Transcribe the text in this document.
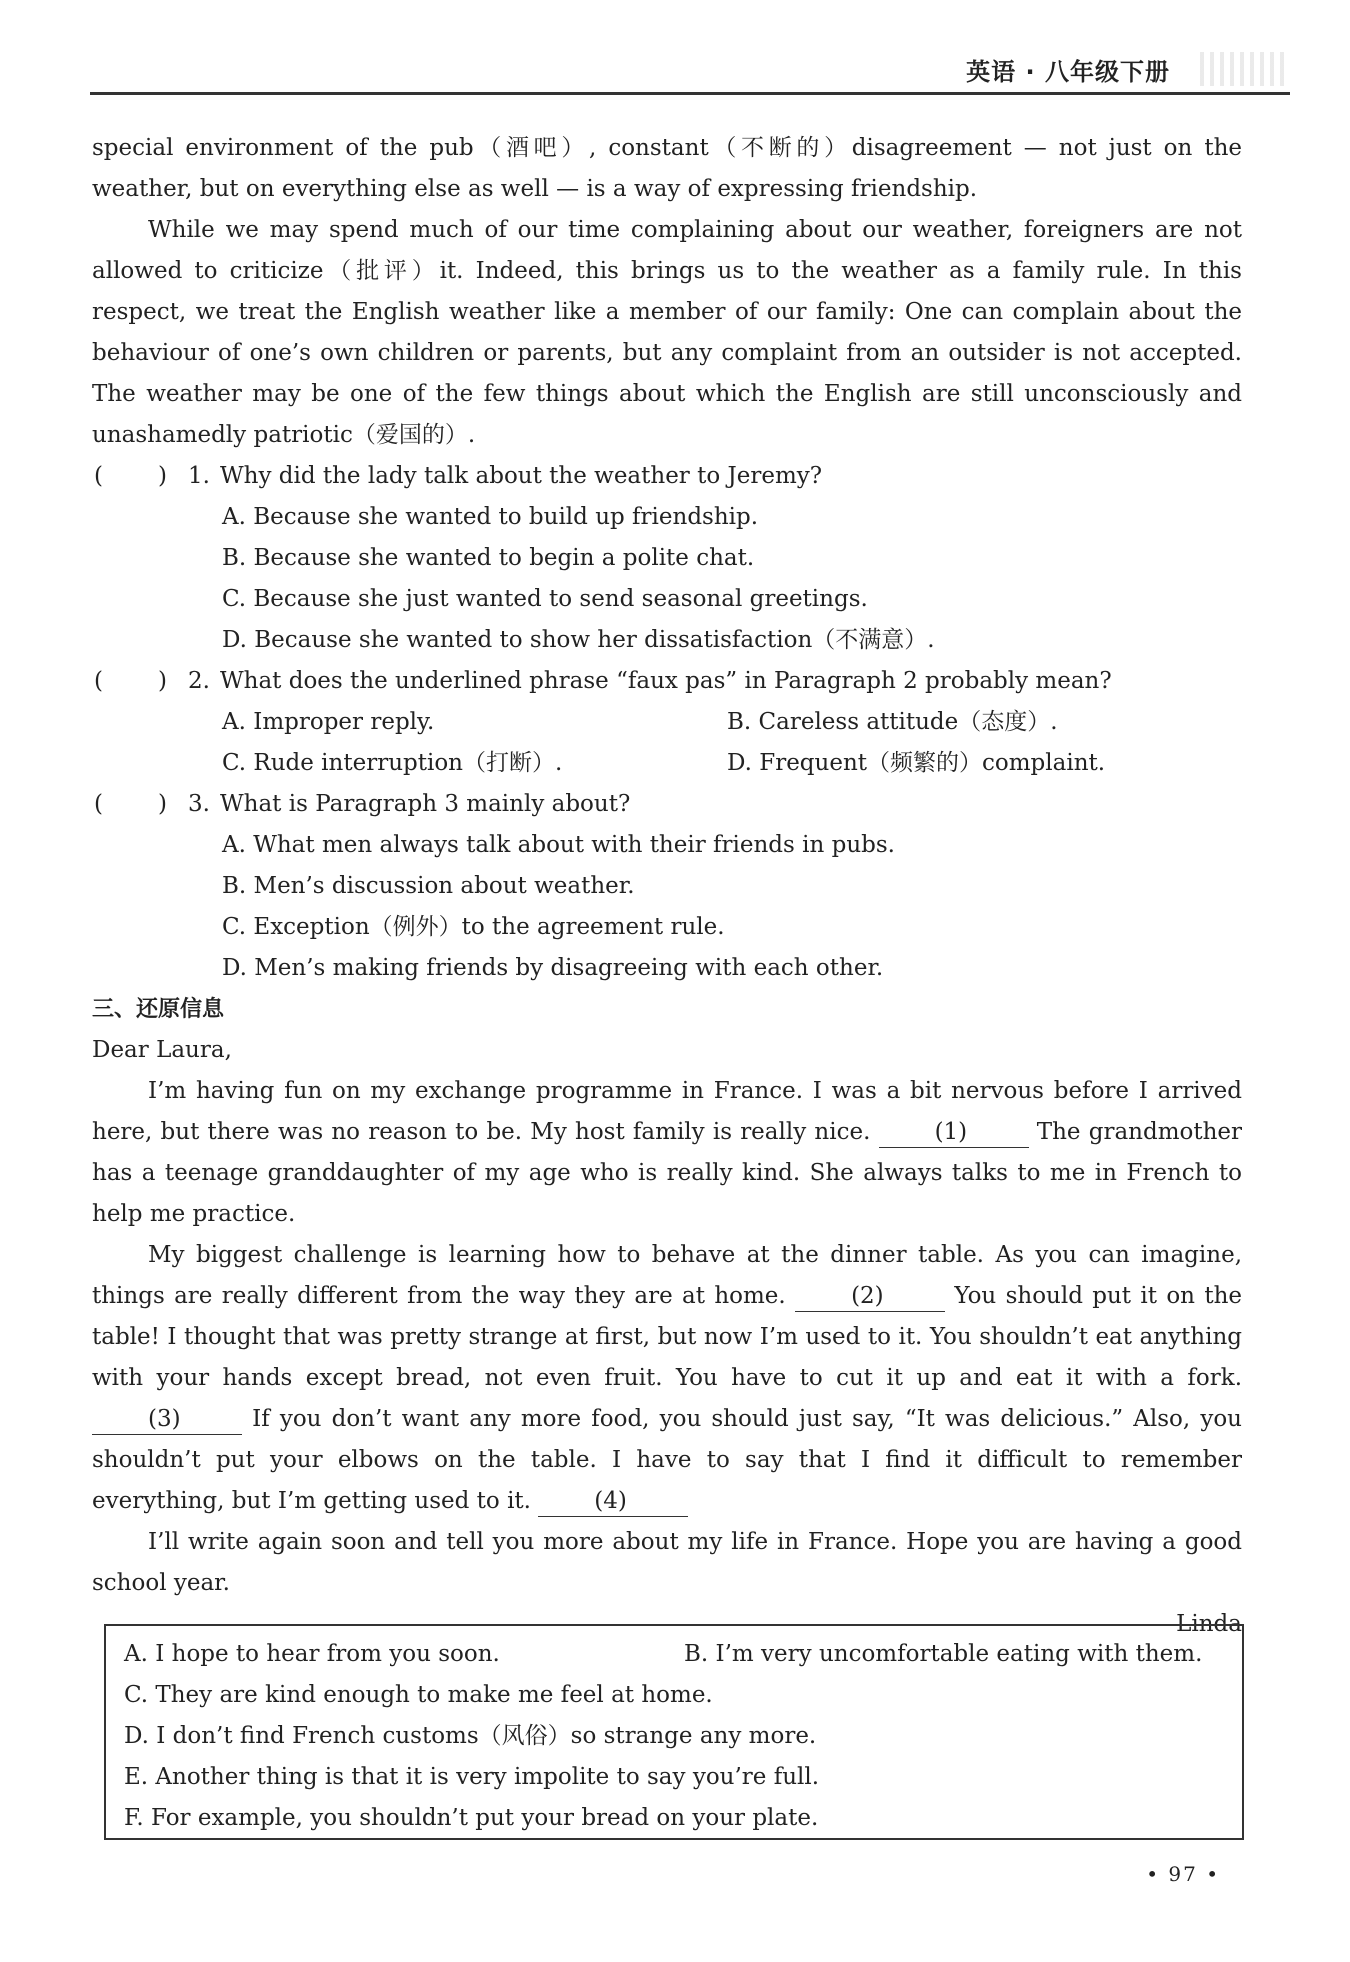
英语 · 八年级下册

special environment of the pub（酒吧）, constant（不断的）disagreement — not just on the weather, but on everything else as well — is a way of expressing friendship.

While we may spend much of our time complaining about our weather, foreigners are not allowed to criticize（批评）it. Indeed, this brings us to the weather as a family rule. In this respect, we treat the English weather like a member of our family: One can complain about the behaviour of one’s own children or parents, but any complaint from an outsider is not accepted. The weather may be one of the few things about which the English are still unconsciously and unashamedly patriotic（爱国的）.

( ) 1. Why did the lady talk about the weather to Jeremy?

A. Because she wanted to build up friendship.

B. Because she wanted to begin a polite chat.

C. Because she just wanted to send seasonal greetings.

D. Because she wanted to show her dissatisfaction（不满意）.

( ) 2. What does the underlined phrase “faux pas” in Paragraph 2 probably mean?

A. Improper reply.	B. Careless attitude（态度）.
C. Rude interruption（打断）.	D. Frequent（频繁的）complaint.

( ) 3. What is Paragraph 3 mainly about?

A. What men always talk about with their friends in pubs.

B. Men’s discussion about weather.

C. Exception（例外）to the agreement rule.

D. Men’s making friends by disagreeing with each other.

三、还原信息

Dear Laura,

I’m having fun on my exchange programme in France. I was a bit nervous before I arrived here, but there was no reason to be. My host family is really nice. (1)	The grandmother has a teenage granddaughter of my age who is really kind. She always talks to me in French to help me practice.

My biggest challenge is learning how to behave at the dinner table. As you can imagine, things are really different from the way they are at home. (2)	You should put it on the table! I thought that was pretty strange at first, but now I’m used to it. You shouldn’t eat anything with your hands except bread, not even fruit. You have to cut it up and eat it with a fork. (3)	If you don’t want any more food, you should just say, “It was delicious.” Also, you shouldn’t put your elbows on the table. I have to say that I find it difficult to remember everything, but I’m getting used to it. (4)

I’ll write again soon and tell you more about my life in France. Hope you are having a good school year.

Linda

A. I hope to hear from you soon.	B. I’m very uncomfortable eating with them.

C. They are kind enough to make me feel at home.

D. I don’t find French customs（风俗）so strange any more.

E. Another thing is that it is very impolite to say you’re full.

F. For example, you shouldn’t put your bread on your plate.

• 97 •
